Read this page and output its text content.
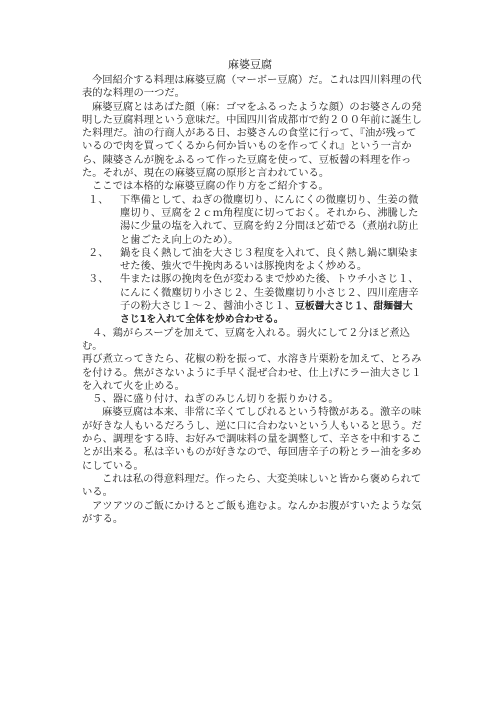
麻婆豆腐

今回紹介する料理は麻婆豆腐（マーボー豆腐）だ。これは四川料理の代表的な料理の一つだ。

麻婆豆腐とはあばた顔（麻：ゴマをふるったような顔）のお婆さんの発明した豆腐料理という意味だ。中国四川省成都市で約２００年前に誕生した料理だ。油の行商人がある日、お婆さんの食堂に行って、『油が残っているので肉を買ってくるから何か旨いものを作ってくれ』という一言から、陳婆さんが腕をふるって作った豆腐を使って、豆板醤の料理を作った。それが、現在の麻婆豆腐の原形と言われている。

ここでは本格的な麻婆豆腐の作り方をご紹介する。

１、	下準備として、ねぎの微塵切り、にんにくの微塵切り、生姜の微塵切り、豆腐を２ｃｍ角程度に切っておく。それから、沸騰した湯に少量の塩を入れて、豆腐を約２分間ほど茹でる（煮崩れ防止と歯ごたえ向上のため）。
２、	鍋を良く熱して油を大さじ３程度を入れて、良く熱し鍋に馴染ませた後、強火で牛挽肉あるいは豚挽肉をよく炒める。
３、	牛または豚の挽肉を色が変わるまで炒めた後、トウチ小さじ１、にんにく微塵切り小さじ２、生姜微塵切り小さじ２、四川産唐辛子の粉大さじ１～２、醤油小さじ１、豆板醤大さじ１、甜麺醤大さじ1を入れて全体を炒め合わせる。

４、鶏がらスープを加えて、豆腐を入れる。弱火にして２分ほど煮込む。

再び煮立ってきたら、花椒の粉を振って、水溶き片栗粉を加えて、とろみを付ける。焦がさないように手早く混ぜ合わせ、仕上げにラー油大さじ１を入れて火を止める。

５、器に盛り付け、ねぎのみじん切りを振りかける。

麻婆豆腐は本来、非常に辛くてしびれるという特徴がある。激辛の味が好きな人もいるだろうし、逆に口に合わないという人もいると思う。だから、調理をする時、お好みで調味料の量を調整して、辛さを中和することが出来る。私は辛いものが好きなので、毎回唐辛子の粉とラー油を多めにしている。

これは私の得意料理だ。作ったら、大変美味しいと皆から褒められている。

アツアツのご飯にかけるとご飯も進むよ。なんかお腹がすいたような気がする。
